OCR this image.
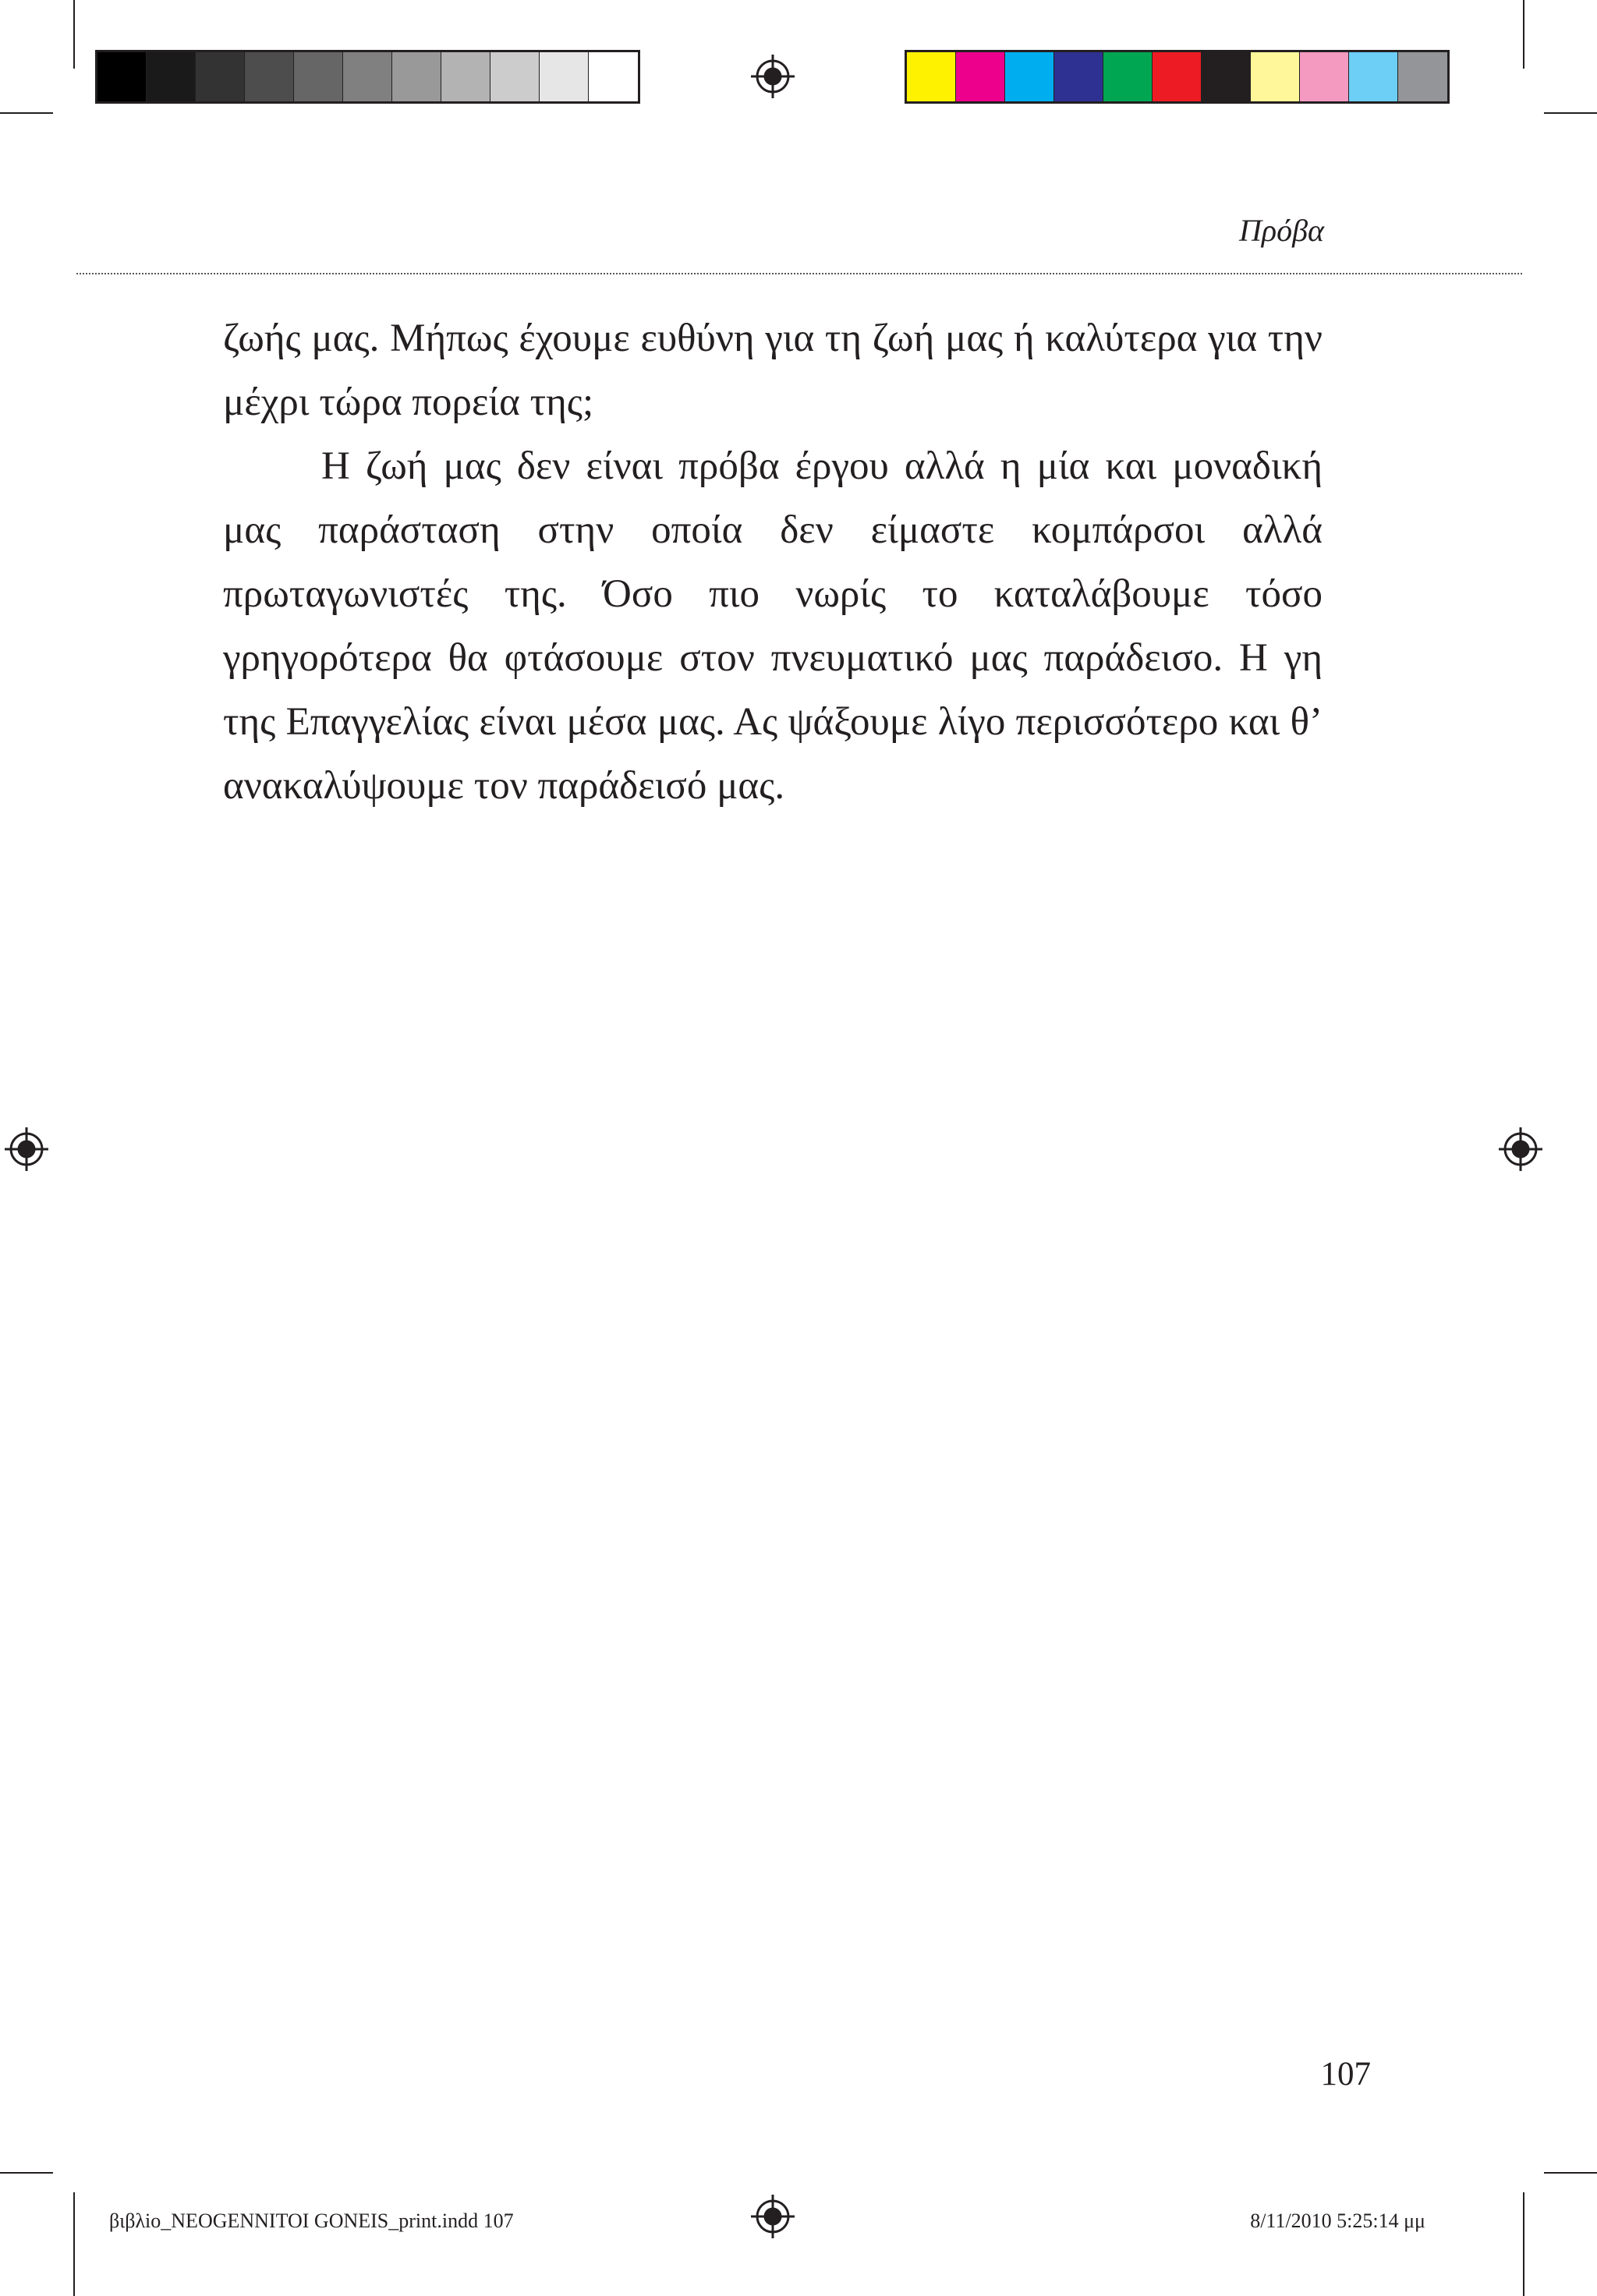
Πρόβα

ζωής μας. Μήπως έχουμε ευθύνη για τη ζωή μας ή καλύτερα για την μέχρι τώρα πορεία της;

Η ζωή μας δεν είναι πρόβα έργου αλλά η μία και μοναδική μας παράσταση στην οποία δεν είμαστε κομπάρσοι αλλά πρωταγωνιστές της. Όσο πιο νωρίς το καταλάβουμε τόσο γρηγορότερα θα φτάσουμε στον πνευματικό μας παράδεισο. Η γη της Επαγγελίας είναι μέσα μας. Ας ψάξουμε λίγο περισσότερο και θ’ ανακαλύψουμε τον παράδεισό μας.

107
βιβλio_NEOGENNITOI GONEIS_print.indd 107	8/11/2010 5:25:14 μμ
